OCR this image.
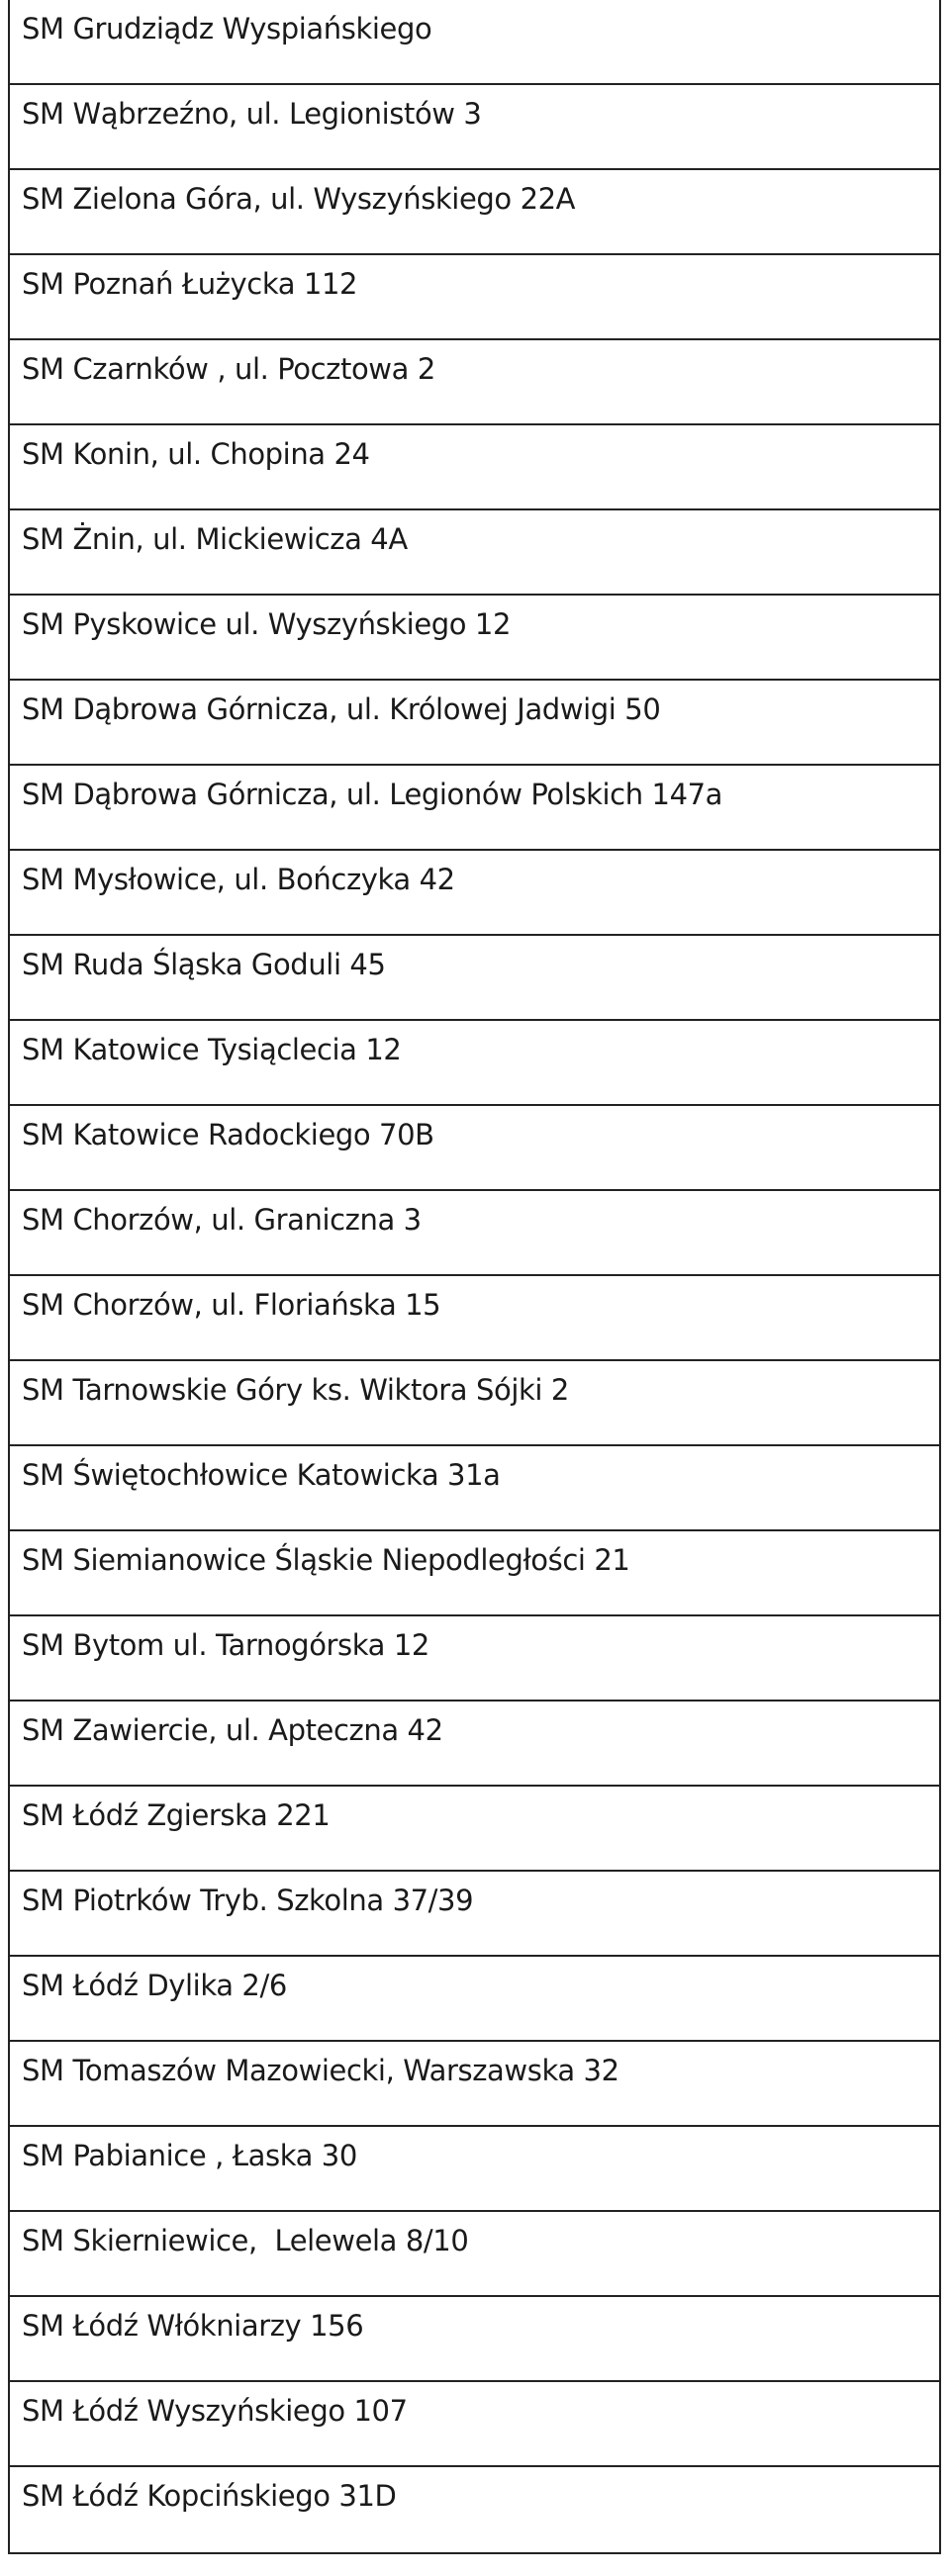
SM Grudziądz Wyspiańskiego
SM Wąbrzeźno, ul. Legionistów 3
SM Zielona Góra, ul. Wyszyńskiego 22A
SM Poznań Łużycka 112
SM Czarnków , ul. Pocztowa 2
SM Konin, ul. Chopina 24
SM Żnin, ul. Mickiewicza 4A
SM Pyskowice ul. Wyszyńskiego 12
SM Dąbrowa Górnicza, ul. Królowej Jadwigi 50
SM Dąbrowa Górnicza, ul. Legionów Polskich 147a
SM Mysłowice, ul. Bończyka 42
SM Ruda Śląska Goduli 45
SM Katowice Tysiąclecia 12
SM Katowice Radockiego 70B
SM Chorzów, ul. Graniczna 3
SM Chorzów, ul. Floriańska 15
SM Tarnowskie Góry ks. Wiktora Sójki 2
SM Świętochłowice Katowicka 31a
SM Siemianowice Śląskie Niepodległości 21
SM Bytom ul. Tarnogórska 12
SM Zawiercie, ul. Apteczna 42
SM Łódź Zgierska 221
SM Piotrków Tryb. Szkolna 37/39
SM Łódź Dylika 2/6
SM Tomaszów Mazowiecki, Warszawska 32
SM Pabianice , Łaska 30
SM Skierniewice,  Lelewela 8/10
SM Łódź Włókniarzy 156
SM Łódź Wyszyńskiego 107
SM Łódź Kopcińskiego 31D
